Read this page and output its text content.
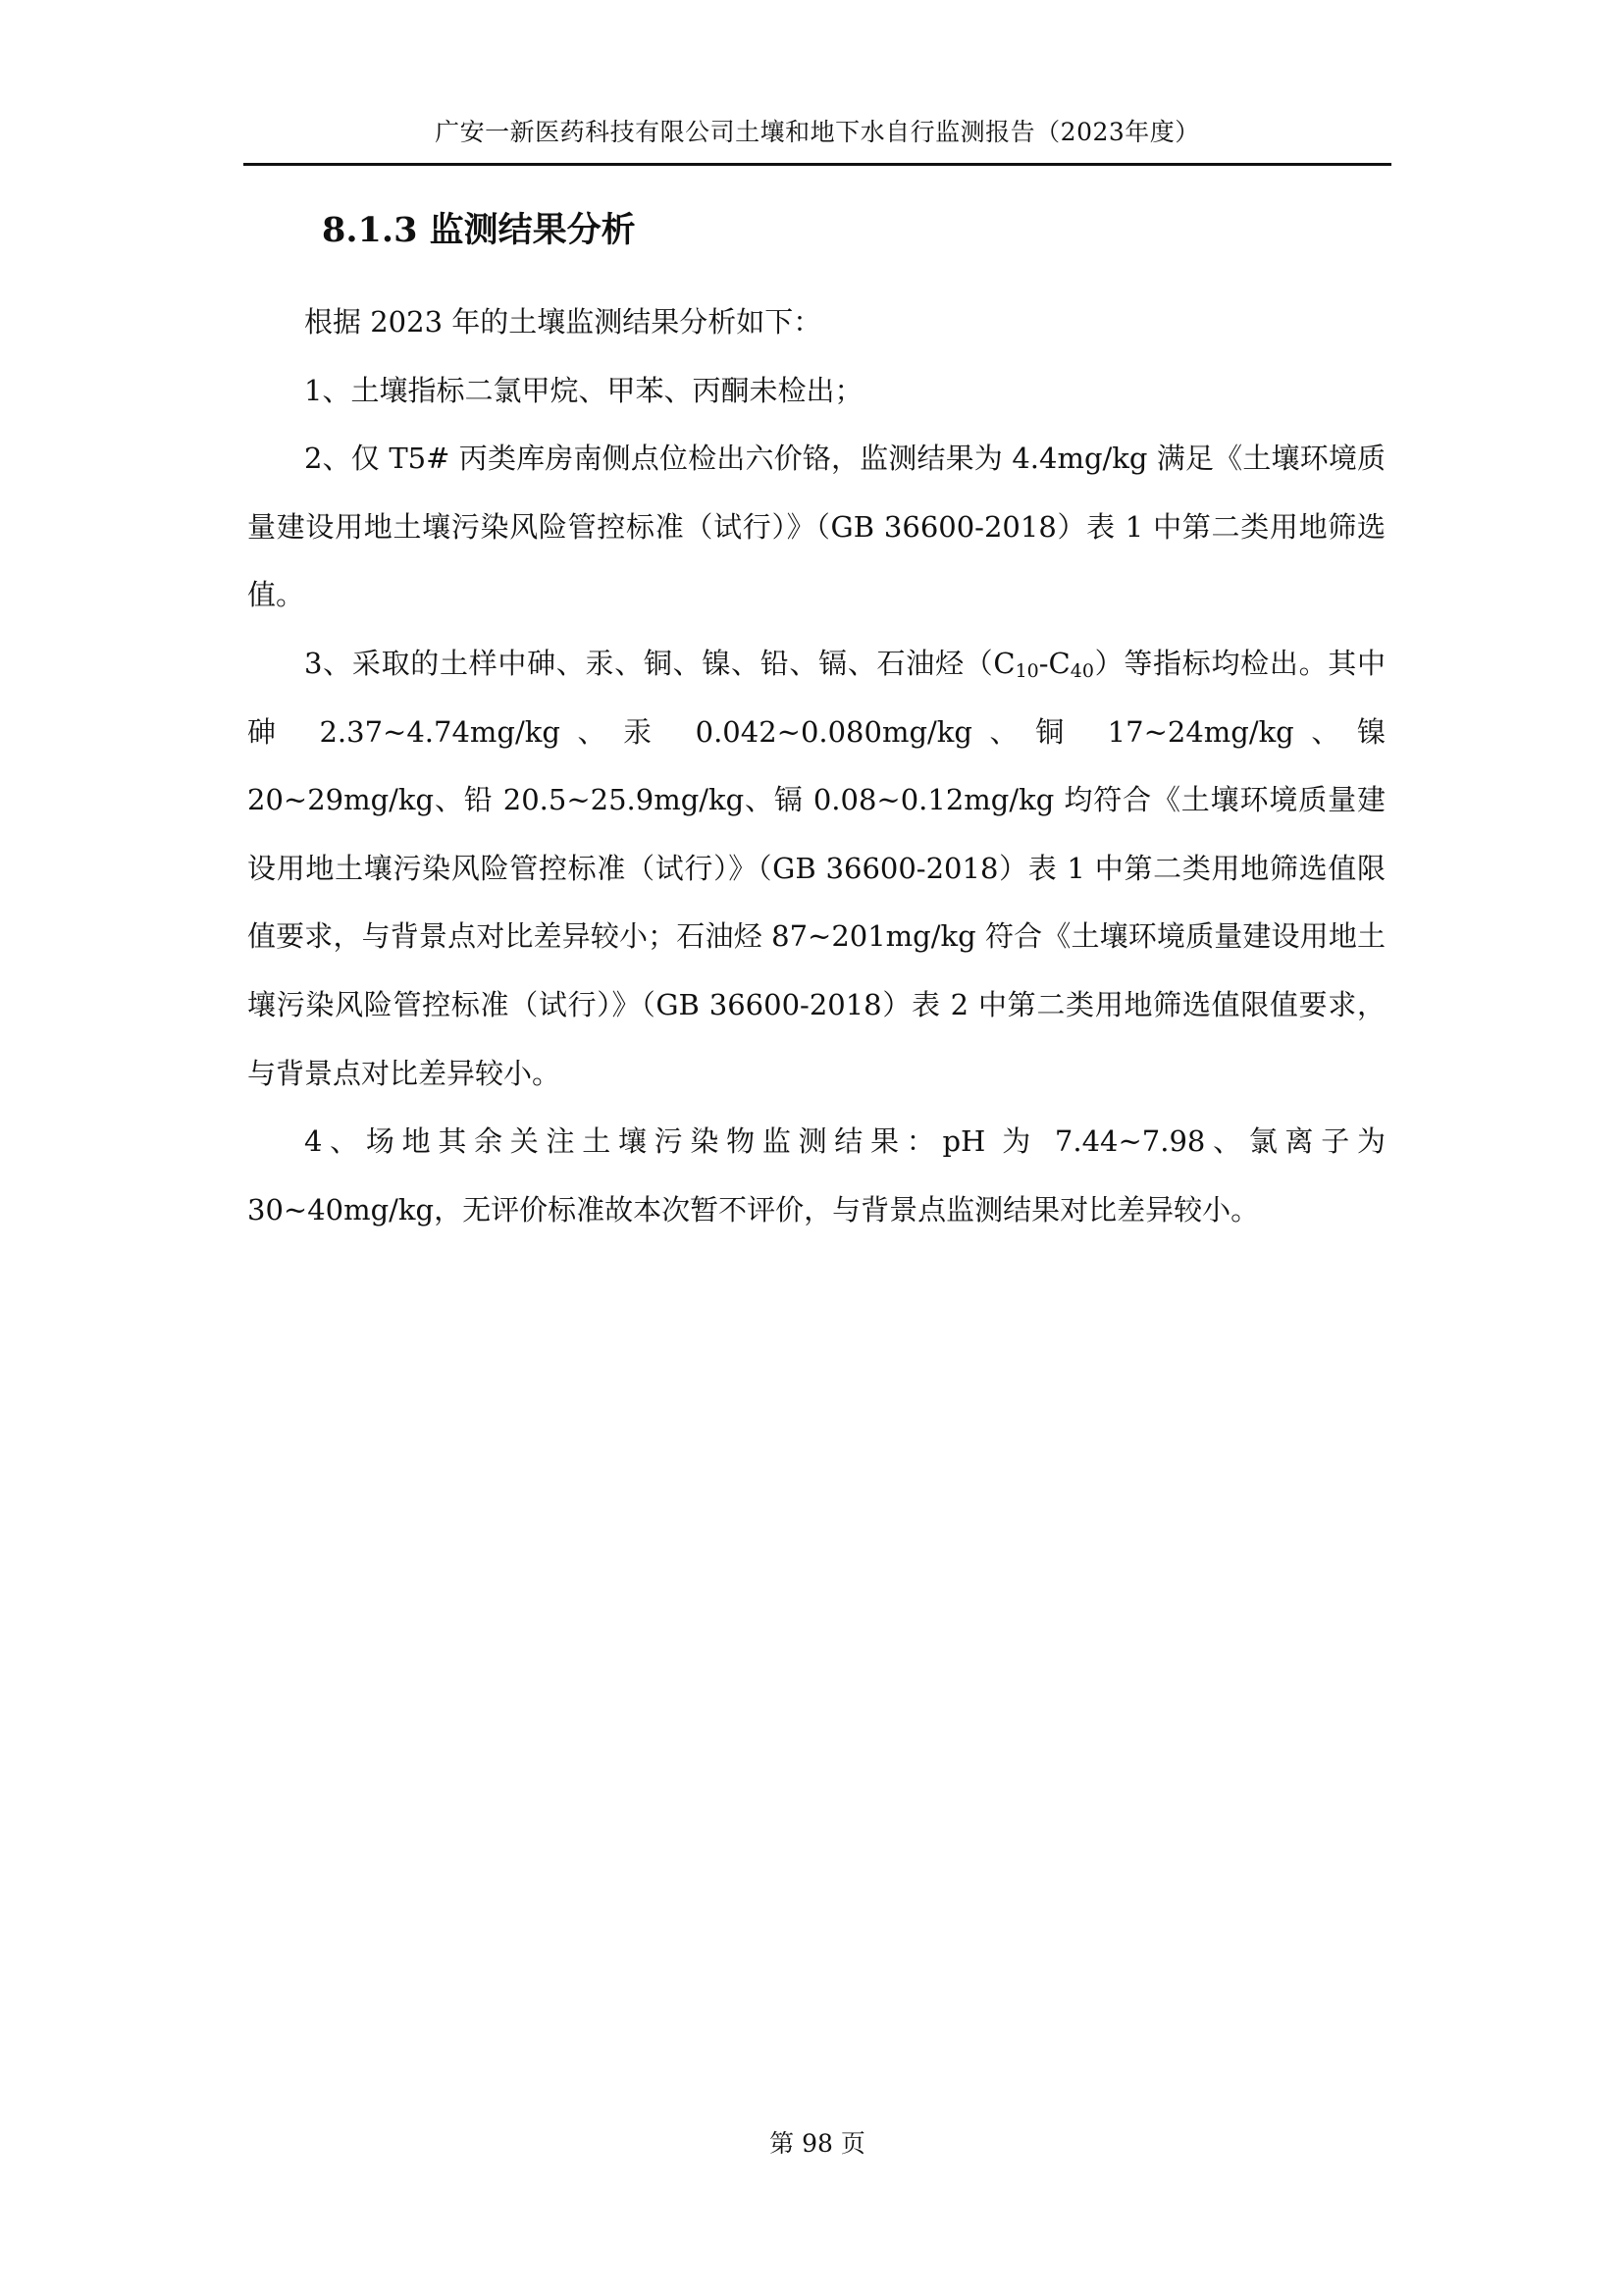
广安一新医药科技有限公司土壤和地下水自行监测报告（2023年度）
8.1.3 监测结果分析

根据 2023 年的土壤监测结果分析如下：

1、土壤指标二氯甲烷、甲苯、丙酮未检出；

2、仅 T5# 丙类库房南侧点位检出六价铬，监测结果为 4.4mg/kg 满足《土壤环境质量建设用地土壤污染风险管控标准（试行）》（GB 36600-2018）表 1 中第二类用地筛选值。

3、采取的土样中砷、汞、铜、镍、铅、镉、石油烃$(C_{10}-C_{40})$等指标均检出。其中砷 2.37~4.74mg/kg、汞 0.042~0.080mg/kg、铜 17~24mg/kg、镍 20~29mg/kg、铅 20.5~25.9mg/kg、镉 0.08~0.12mg/kg 均符合《土壤环境质量建设用地土壤污染风险管控标准（试行）》（GB 36600-2018）表 1 中第二类用地筛选值限值要求，与背景点对比差异较小；石油烃 87~201mg/kg 符合《土壤环境质量建设用地土壤污染风险管控标准（试行）》（GB 36600-2018）表 2 中第二类用地筛选值限值要求，与背景点对比差异较小。

4、场地其余关注土壤污染物监测结果：pH 为 7.44~7.98、氯离子为 30~40mg/kg，无评价标准故本次暂不评价，与背景点监测结果对比差异较小。

第 98 页
